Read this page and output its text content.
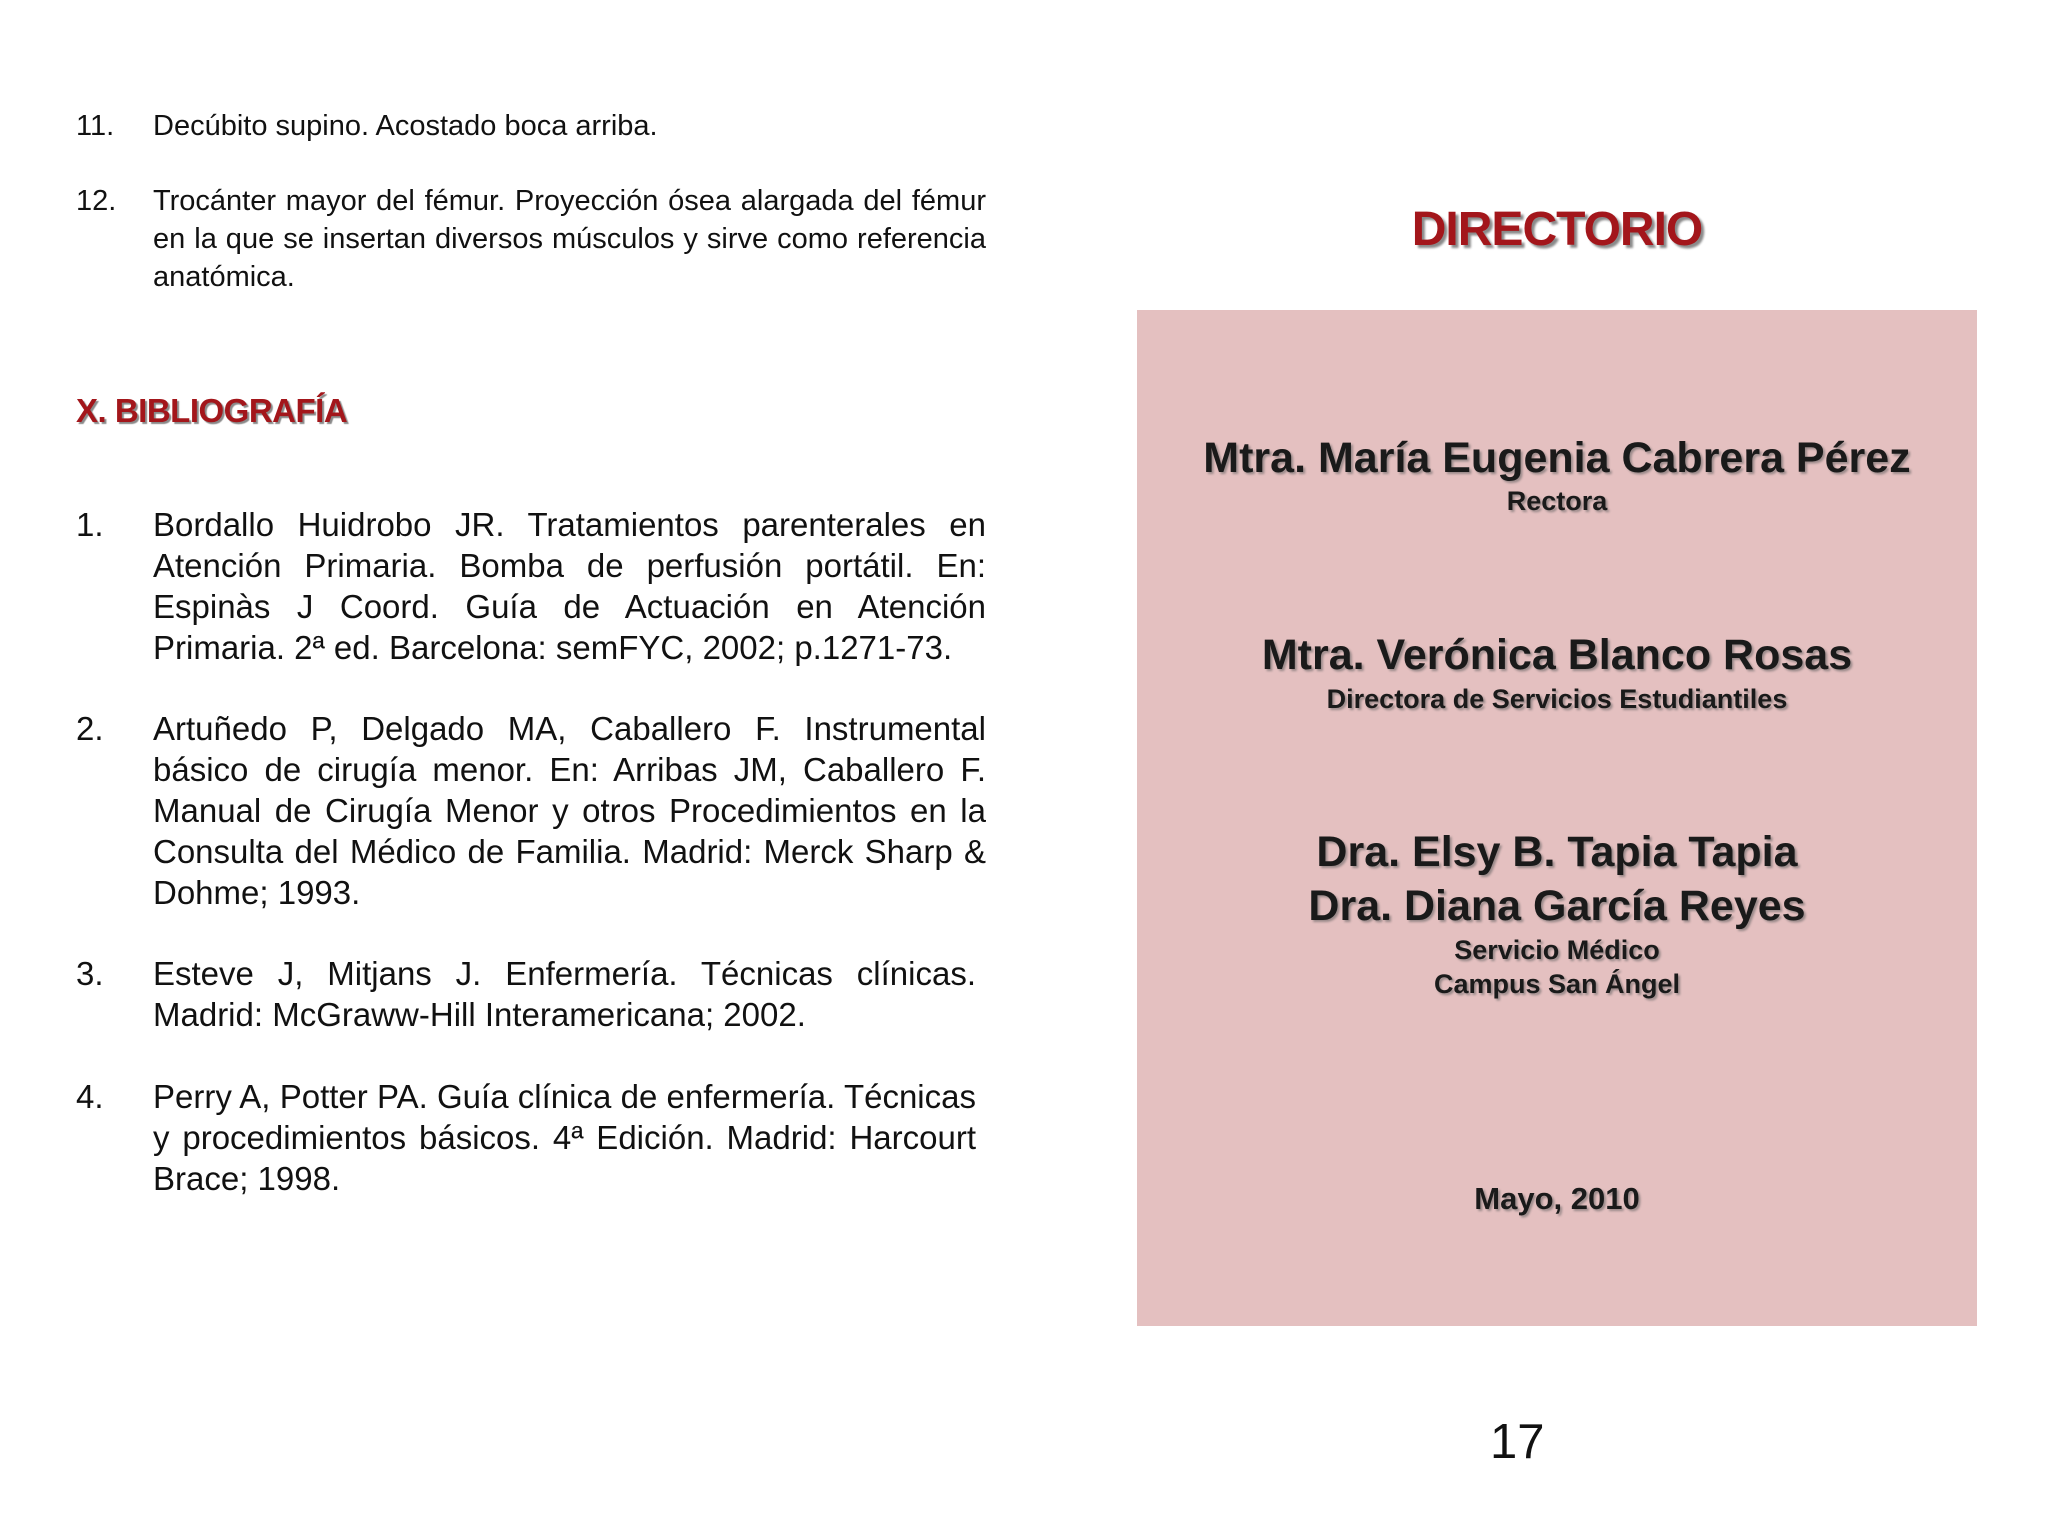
11.	Decúbito supino. Acostado boca arriba.
12.	Trocánter mayor del fémur. Proyección ósea alargada del fémur en la que se insertan diversos músculos y sirve como referencia anatómica.
X. BIBLIOGRAFÍA
1.	Bordallo Huidrobo JR. Tratamientos parenterales en Atención Primaria. Bomba de perfusión portátil. En: Espinàs J Coord. Guía de Actuación en Atención Primaria. 2ª ed. Barcelona: semFYC, 2002; p.1271-73.
2.	Artuñedo P, Delgado MA, Caballero F. Instrumental básico de cirugía menor. En: Arribas JM, Caballero F. Manual de Cirugía Menor y otros Procedimientos en la Consulta del Médico de Familia. Madrid: Merck Sharp & Dohme; 1993.
3.	Esteve J, Mitjans J. Enfermería. Técnicas clínicas. Madrid: McGraww-Hill Interamericana; 2002.
4.	Perry A, Potter PA. Guía clínica de enfermería. Técnicas y procedimientos básicos. 4ª Edición. Madrid: Harcourt Brace; 1998.
DIRECTORIO
Mtra. María Eugenia Cabrera Pérez
Rectora
Mtra. Verónica Blanco Rosas
Directora de Servicios Estudiantiles
Dra. Elsy B. Tapia Tapia
Dra. Diana García Reyes
Servicio Médico
Campus San Ángel
Mayo, 2010
17
